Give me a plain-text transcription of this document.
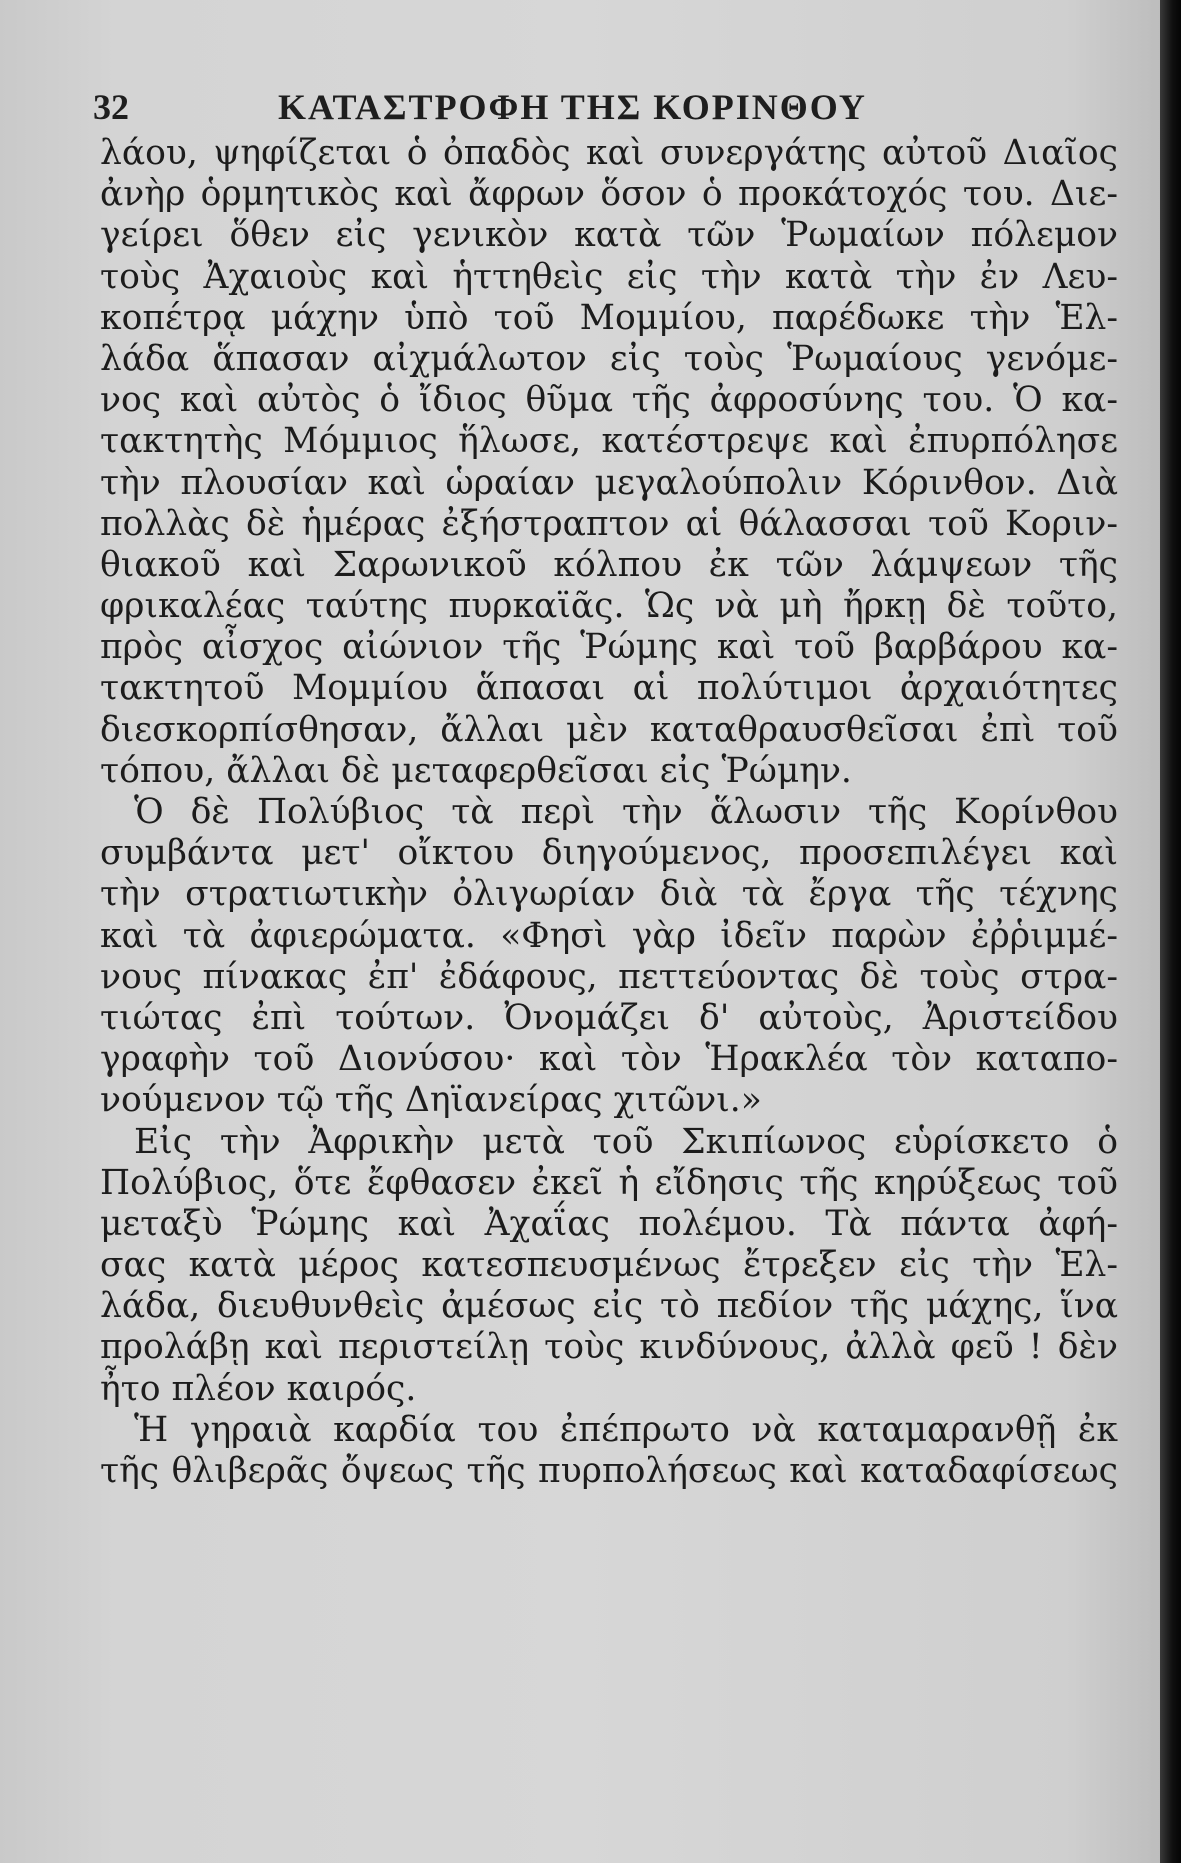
32	ΚΑΤΑΣΤΡΟΦΗ ΤΗΣ ΚΟΡΙΝΘΟΥ
λάου, ψηφίζεται ὁ ὀπαδὸς καὶ συνεργάτης αὐτοῦ Διαῖος
ἀνὴρ ὁρμητικὸς καὶ ἄφρων ὅσον ὁ προκάτοχός του. Διε-
γείρει ὅθεν εἰς γενικὸν κατὰ τῶν Ῥωμαίων πόλεμον
τοὺς Ἀχαιοὺς καὶ ἡττηθεὶς εἰς τὴν κατὰ τὴν ἐν Λευ-
κοπέτρᾳ μάχην ὑπὸ τοῦ Μομμίου, παρέδωκε τὴν Ἑλ-
λάδα ἅπασαν αἰχμάλωτον εἰς τοὺς Ῥωμαίους γενόμε-
νος καὶ αὐτὸς ὁ ἴδιος θῦμα τῆς ἀφροσύνης του. Ὁ κα-
τακτητὴς Μόμμιος ἥλωσε, κατέστρεψε καὶ ἐπυρπόλησε
τὴν πλουσίαν καὶ ὡραίαν μεγαλούπολιν Κόρινθον. Διὰ
πολλὰς δὲ ἡμέρας ἐξήστραπτον αἱ θάλασσαι τοῦ Κοριν-
θιακοῦ καὶ Σαρωνικοῦ κόλπου ἐκ τῶν λάμψεων τῆς
φρικαλέας ταύτης πυρκαϊᾶς. Ὡς νὰ μὴ ἤρκῃ δὲ τοῦτο,
πρὸς αἶσχος αἰώνιον τῆς Ῥώμης καὶ τοῦ βαρβάρου κα-
τακτητοῦ Μομμίου ἅπασαι αἱ πολύτιμοι ἀρχαιότητες
διεσκορπίσθησαν, ἄλλαι μὲν καταθραυσθεῖσαι ἐπὶ τοῦ
τόπου, ἄλλαι δὲ μεταφερθεῖσαι εἰς Ῥώμην.
Ὁ δὲ Πολύβιος τὰ περὶ τὴν ἅλωσιν τῆς Κορίνθου
συμβάντα μετ' οἴκτου διηγούμενος, προσεπιλέγει καὶ
τὴν στρατιωτικὴν ὀλιγωρίαν διὰ τὰ ἔργα τῆς τέχνης
καὶ τὰ ἀφιερώματα. «Φησὶ γὰρ ἰδεῖν παρὼν ἐῤῥιμμέ-
νους πίνακας ἐπ' ἐδάφους, πεττεύοντας δὲ τοὺς στρα-
τιώτας ἐπὶ τούτων. Ὀνομάζει δ' αὐτοὺς, Ἀριστείδου
γραφὴν τοῦ Διονύσου· καὶ τὸν Ἡρακλέα τὸν καταπο-
νούμενον τῷ τῆς Δηϊανείρας χιτῶνι.»
Εἰς τὴν Ἀφρικὴν μετὰ τοῦ Σκιπίωνος εὑρίσκετο ὁ
Πολύβιος, ὅτε ἔφθασεν ἐκεῖ ἡ εἴδησις τῆς κηρύξεως τοῦ
μεταξὺ Ῥώμης καὶ Ἀχαΐας πολέμου. Τὰ πάντα ἀφή-
σας κατὰ μέρος κατεσπευσμένως ἔτρεξεν εἰς τὴν Ἑλ-
λάδα, διευθυνθεὶς ἀμέσως εἰς τὸ πεδίον τῆς μάχης, ἵνα
προλάβῃ καὶ περιστείλῃ τοὺς κινδύνους, ἀλλὰ φεῦ ! δὲν
ἦτο πλέον καιρός.
Ἡ γηραιὰ καρδία του ἐπέπρωτο νὰ καταμαρανθῇ ἐκ
τῆς θλιβερᾶς ὄψεως τῆς πυρπολήσεως καὶ καταδαφίσεως
